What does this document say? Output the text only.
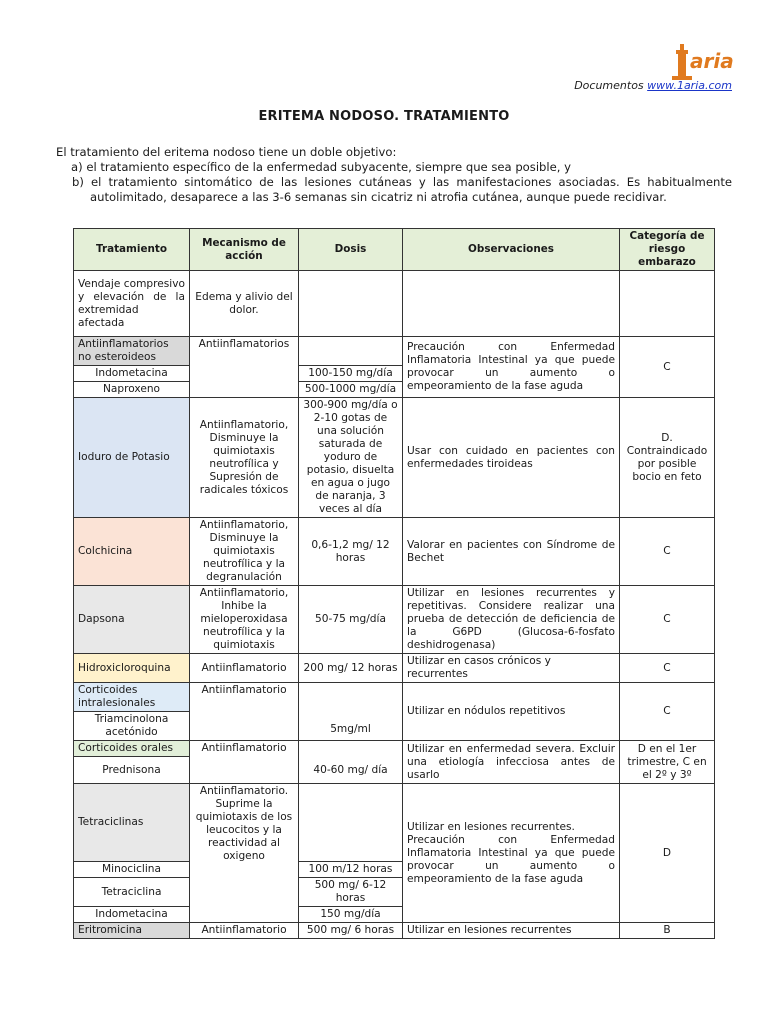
aria
Documentos www.1aria.com
ERITEMA NODOSO. TRATAMIENTO

El tratamiento del eritema nodoso tiene un doble objetivo:

a) el tratamiento específico de la enfermedad subyacente, siempre que sea posible, y

b) el tratamiento sintomático de las lesiones cutáneas y las manifestaciones asociadas. Es habitualmente autolimitado, desaparece a las 3-6 semanas sin cicatriz ni atrofia cutánea, aunque puede recidivar.

Tratamiento	Mecanismo de acción	Dosis	Observaciones	Categoría de riesgo embarazo
Vendaje compresivo y elevación de la extremidad afectada	Edema y alivio del dolor.			
Antiinflamatorios no esteroideos	Antiinflamatorios		Precaución con Enfermedad Inflamatoria Intestinal ya que puede provocar un aumento o empeoramiento de la fase aguda	C
Indometacina		100-150 mg/día		
Naproxeno		500-1000 mg/día		
Ioduro de Potasio	Antiinflamatorio, Disminuye la quimiotaxis neutrofílica y Supresión de radicales tóxicos	300-900 mg/día o 2-10 gotas de una solución saturada de yoduro de potasio, disuelta en agua o jugo de naranja, 3 veces al día	Usar con cuidado en pacientes con enfermedades tiroideas	D. Contraindicado por posible bocio en feto
Colchicina	Antiinflamatorio, Disminuye la quimiotaxis neutrofílica y la degranulación	0,6-1,2 mg/ 12 horas	Valorar en pacientes con Síndrome de Bechet	C
Dapsona	Antiinflamatorio, Inhibe la mieloperoxidasa neutrofílica y la quimiotaxis	50-75 mg/día	Utilizar en lesiones recurrentes y repetitivas. Considere realizar una prueba de detección de deficiencia de la G6PD (Glucosa-6-fosfato deshidrogenasa)	C
Hidroxicloroquina	Antiinflamatorio	200 mg/ 12 horas	Utilizar en casos crónicos y recurrentes	C
Corticoides intralesionales	Antiinflamatorio	5mg/ml	Utilizar en nódulos repetitivos	C
Triamcinolona acetónido				
Corticoides orales	Antiinflamatorio	40-60 mg/ día	Utilizar en enfermedad severa. Excluir una etiología infecciosa antes de usarlo	D en el 1er trimestre, C en el 2º y 3º
Prednisona				
Tetraciclinas	Antiinflamatorio. Suprime la quimiotaxis de los leucocitos y la reactividad al oxigeno		Utilizar en lesiones recurrentes.
Precaución con Enfermedad Inflamatoria Intestinal ya que puede provocar un aumento o empeoramiento de la fase aguda	D
Minociclina		100 m/12 horas		
Tetraciclina		500 mg/ 6-12 horas		
Indometacina		150 mg/día		
Eritromicina	Antiinflamatorio	500 mg/ 6 horas	Utilizar en lesiones recurrentes	B
